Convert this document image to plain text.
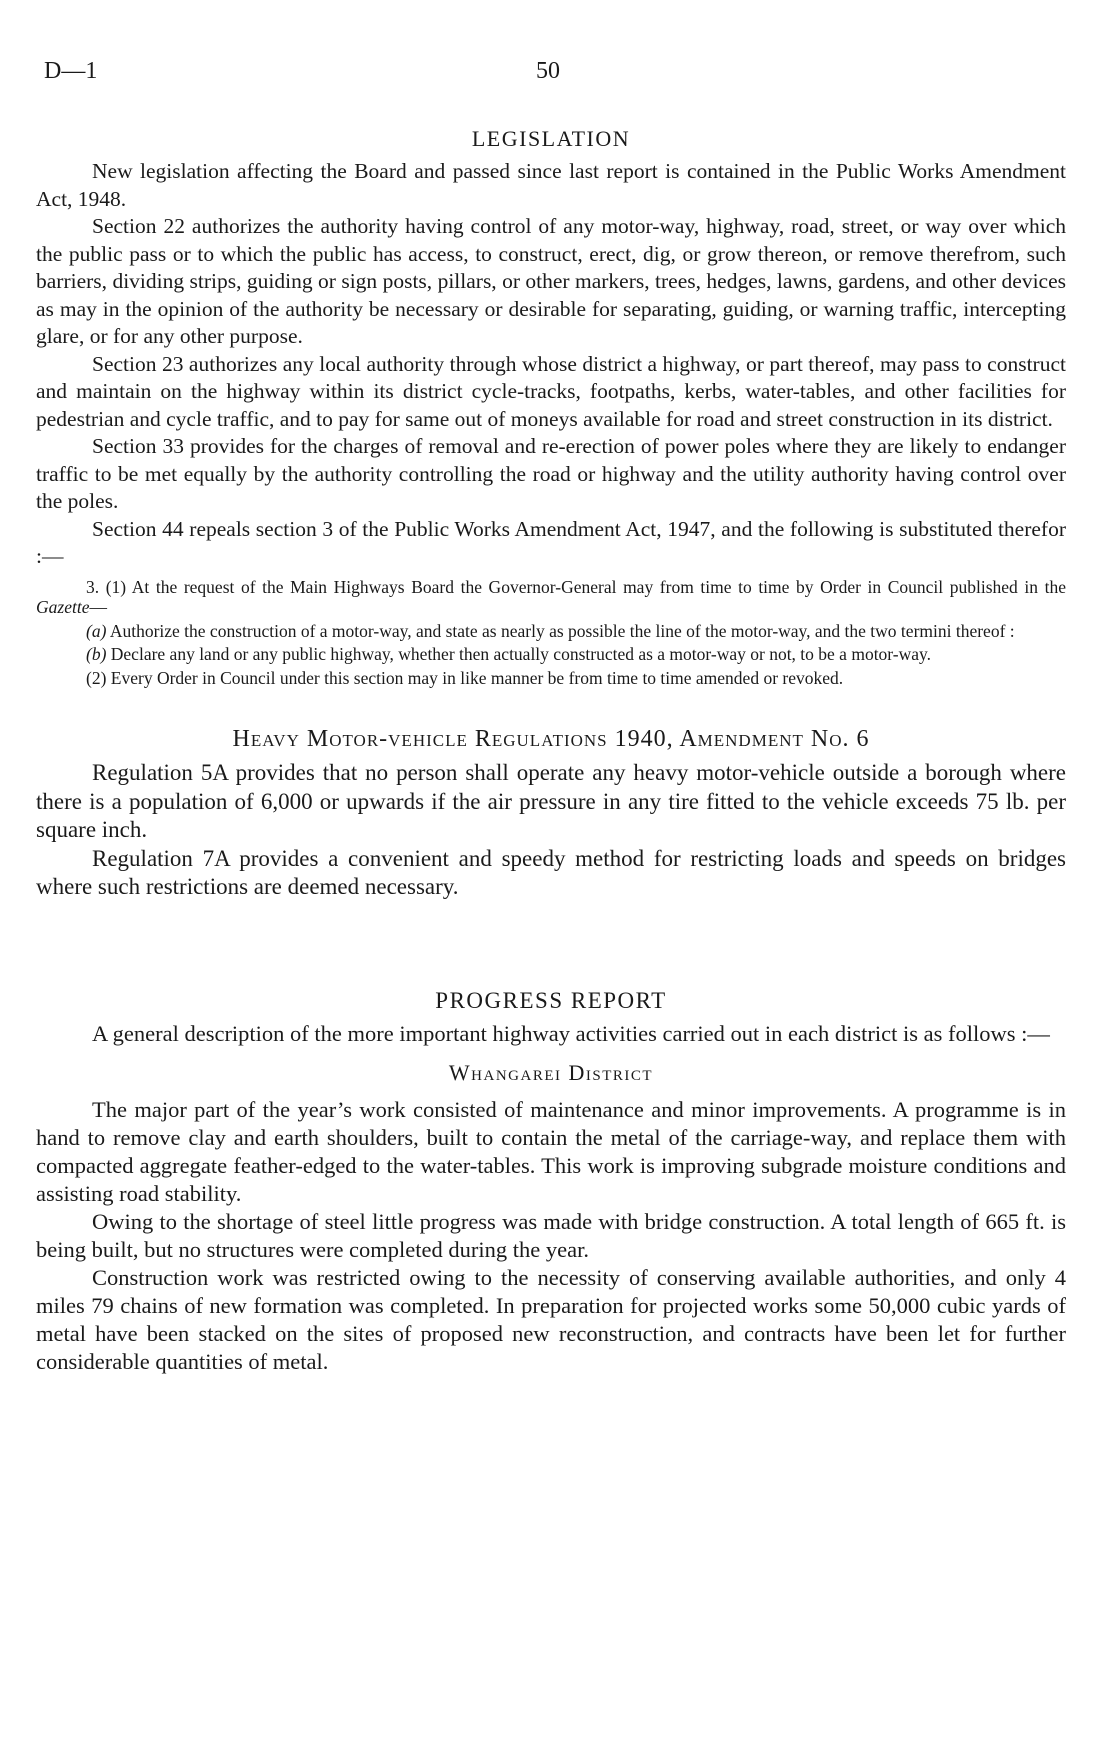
D—1	50
LEGISLATION

New legislation affecting the Board and passed since last report is contained in the Public Works Amendment Act, 1948.

Section 22 authorizes the authority having control of any motor-way, highway, road, street, or way over which the public pass or to which the public has access, to construct, erect, dig, or grow thereon, or remove therefrom, such barriers, dividing strips, guiding or sign posts, pillars, or other markers, trees, hedges, lawns, gardens, and other devices as may in the opinion of the authority be necessary or desirable for separating, guiding, or warning traffic, intercepting glare, or for any other purpose.

Section 23 authorizes any local authority through whose district a highway, or part thereof, may pass to construct and maintain on the highway within its district cycle-tracks, footpaths, kerbs, water-tables, and other facilities for pedestrian and cycle traffic, and to pay for same out of moneys available for road and street construction in its district.

Section 33 provides for the charges of removal and re-erection of power poles where they are likely to endanger traffic to be met equally by the authority controlling the road or highway and the utility authority having control over the poles.

Section 44 repeals section 3 of the Public Works Amendment Act, 1947, and the following is substituted therefor :—

3. (1) At the request of the Main Highways Board the Governor-General may from time to time by Order in Council published in the Gazette—

(a) Authorize the construction of a motor-way, and state as nearly as possible the line of the motor-way, and the two termini thereof :

(b) Declare any land or any public highway, whether then actually constructed as a motor-way or not, to be a motor-way.

(2) Every Order in Council under this section may in like manner be from time to time amended or revoked.

Heavy Motor-vehicle Regulations 1940, Amendment No. 6

Regulation 5A provides that no person shall operate any heavy motor-vehicle outside a borough where there is a population of 6,000 or upwards if the air pressure in any tire fitted to the vehicle exceeds 75 lb. per square inch.

Regulation 7A provides a convenient and speedy method for restricting loads and speeds on bridges where such restrictions are deemed necessary.

PROGRESS REPORT

A general description of the more important highway activities carried out in each district is as follows :—

Whangarei District

The major part of the year’s work consisted of maintenance and minor improvements. A programme is in hand to remove clay and earth shoulders, built to contain the metal of the carriage-way, and replace them with compacted aggregate feather-edged to the water-tables. This work is improving subgrade moisture conditions and assisting road stability.

Owing to the shortage of steel little progress was made with bridge construction. A total length of 665 ft. is being built, but no structures were completed during the year.

Construction work was restricted owing to the necessity of conserving available authorities, and only 4 miles 79 chains of new formation was completed. In preparation for projected works some 50,000 cubic yards of metal have been stacked on the sites of proposed new reconstruction, and contracts have been let for further considerable quantities of metal.
